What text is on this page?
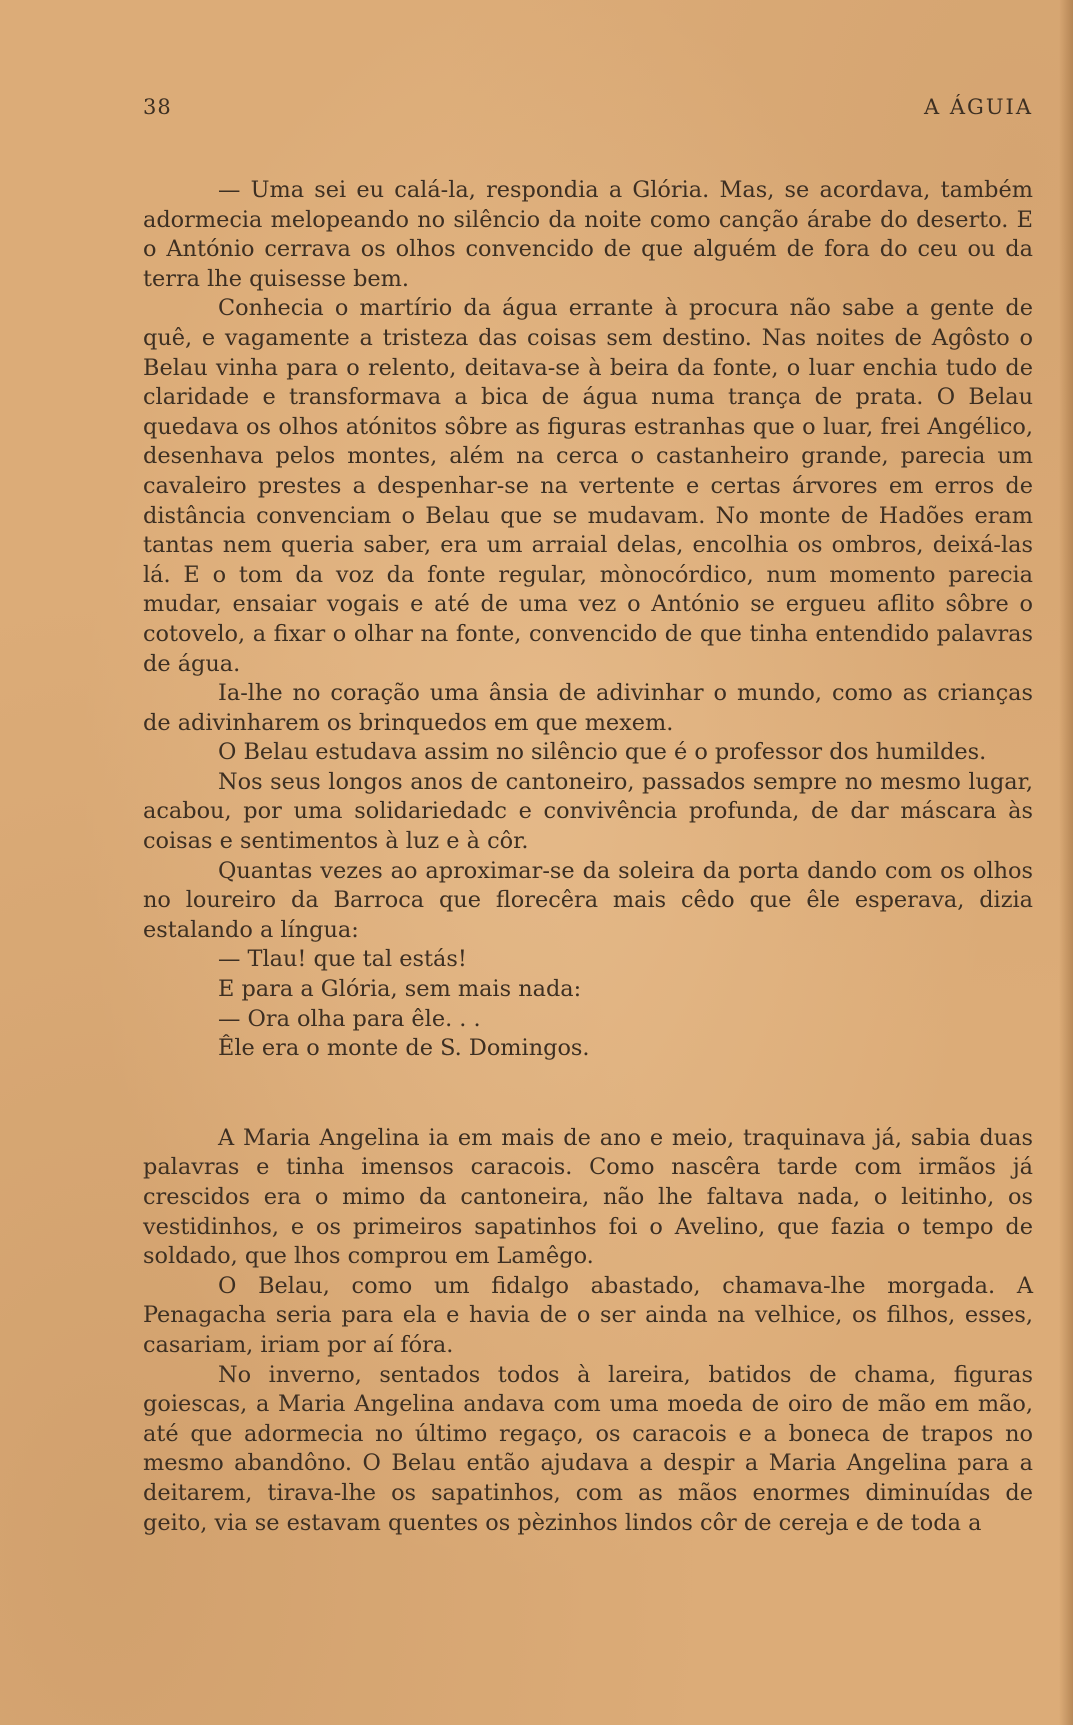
38	A ÁGUIA

— Uma sei eu calá-la, respondia a Glória. Mas, se acordava, também adormecia melopeando no silêncio da noite como canção árabe do deserto. E o António cerrava os olhos convencido de que alguém de fora do ceu ou da terra lhe quisesse bem.

Conhecia o martírio da água errante à procura não sabe a gente de quê, e vagamente a tristeza das coisas sem destino. Nas noites de Agôsto o Belau vinha para o relento, deitava-se à beira da fonte, o luar enchia tudo de claridade e transformava a bica de água numa trança de prata. O Belau quedava os olhos atónitos sôbre as figuras estranhas que o luar, frei Angélico, desenhava pelos montes, além na cerca o castanheiro grande, parecia um cavaleiro prestes a despenhar-se na vertente e certas árvores em erros de distância convenciam o Belau que se mudavam. No monte de Hadões eram tantas nem queria saber, era um arraial delas, encolhia os ombros, deixá-las lá. E o tom da voz da fonte regular, mònocórdico, num momento parecia mudar, ensaiar vogais e até de uma vez o António se ergueu aflito sôbre o cotovelo, a fixar o olhar na fonte, convencido de que tinha entendido palavras de água.

Ia-lhe no coração uma ânsia de adivinhar o mundo, como as crianças de adivinharem os brinquedos em que mexem.

O Belau estudava assim no silêncio que é o professor dos humildes.

Nos seus longos anos de cantoneiro, passados sempre no mesmo lugar, acabou, por uma solidariedadc e convivência profunda, de dar máscara às coisas e sentimentos à luz e à côr.

Quantas vezes ao aproximar-se da soleira da porta dando com os olhos no loureiro da Barroca que florecêra mais cêdo que êle esperava, dizia estalando a língua:

— Tlau! que tal estás!

E para a Glória, sem mais nada:

— Ora olha para êle. . .

Êle era o monte de S. Domingos.

A Maria Angelina ia em mais de ano e meio, traquinava já, sabia duas palavras e tinha imensos caracois. Como nascêra tarde com irmãos já crescidos era o mimo da cantoneira, não lhe faltava nada, o leitinho, os vestidinhos, e os primeiros sapatinhos foi o Avelino, que fazia o tempo de soldado, que lhos comprou em Lamêgo.

O Belau, como um fidalgo abastado, chamava-lhe morgada. A Penagacha seria para ela e havia de o ser ainda na velhice, os filhos, esses, casariam, iriam por aí fóra.

No inverno, sentados todos à lareira, batidos de chama, figuras goiescas, a Maria Angelina andava com uma moeda de oiro de mão em mão, até que adormecia no último regaço, os caracois e a boneca de trapos no mesmo abandôno. O Belau então ajudava a despir a Maria Angelina para a deitarem, tirava-lhe os sapatinhos, com as mãos enormes diminuídas de geito, via se estavam quentes os pèzinhos lindos côr de cereja e de toda a
